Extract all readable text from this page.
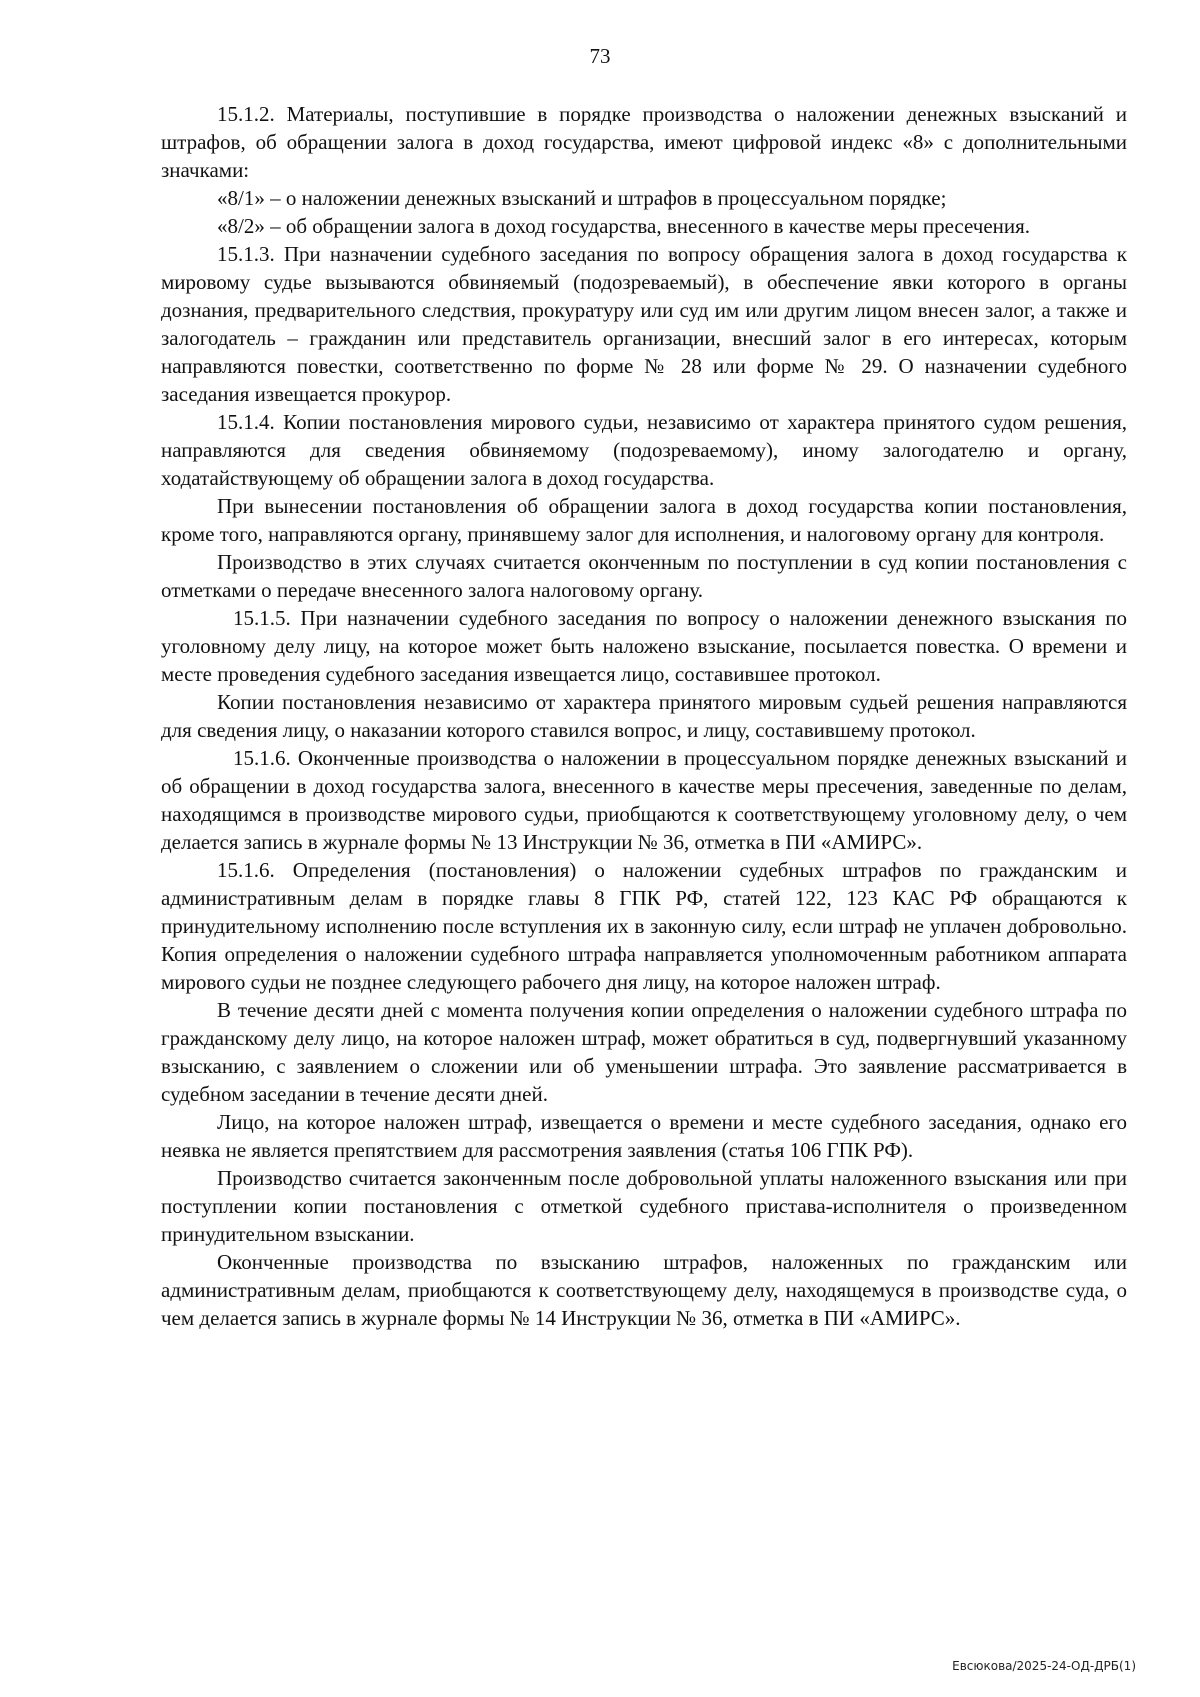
73

15.1.2. Материалы, поступившие в порядке производства о наложении денежных взысканий и штрафов, об обращении залога в доход государства, имеют цифровой индекс «8» с дополнительными значками:

«8/1» – о наложении денежных взысканий и штрафов в процессуальном порядке;

«8/2» – об обращении залога в доход государства, внесенного в качестве меры пресечения.

15.1.3. При назначении судебного заседания по вопросу обращения залога в доход государства к мировому судье вызываются обвиняемый (подозреваемый), в обеспечение явки которого в органы дознания, предварительного следствия, прокуратуру или суд им или другим лицом внесен залог, а также и залогодатель – гражданин или представитель организации, внесший залог в его интересах, которым направляются повестки, соответственно по форме № 28 или форме № 29. О назначении судебного заседания извещается прокурор.

15.1.4. Копии постановления мирового судьи, независимо от характера принятого судом решения, направляются для сведения обвиняемому (подозреваемому), иному залогодателю и органу, ходатайствующему об обращении залога в доход государства.

При вынесении постановления об обращении залога в доход государства копии постановления, кроме того, направляются органу, принявшему залог для исполнения, и налоговому органу для контроля.

Производство в этих случаях считается оконченным по поступлении в суд копии постановления с отметками о передаче внесенного залога налоговому органу.

15.1.5. При назначении судебного заседания по вопросу о наложении денежного взыскания по уголовному делу лицу, на которое может быть наложено взыскание, посылается повестка. О времени и месте проведения судебного заседания извещается лицо, составившее протокол.

Копии постановления независимо от характера принятого мировым судьей решения направляются для сведения лицу, о наказании которого ставился вопрос, и лицу, составившему протокол.

15.1.6. Оконченные производства о наложении в процессуальном порядке денежных взысканий и об обращении в доход государства залога, внесенного в качестве меры пресечения, заведенные по делам, находящимся в производстве мирового судьи, приобщаются к соответствующему уголовному делу, о чем делается запись в журнале формы № 13 Инструкции № 36, отметка в ПИ «АМИРС».

15.1.6. Определения (постановления) о наложении судебных штрафов по гражданским и административным делам в порядке главы 8 ГПК РФ, статей 122, 123 КАС РФ обращаются к принудительному исполнению после вступления их в законную силу, если штраф не уплачен добровольно. Копия определения о наложении судебного штрафа направляется уполномоченным работником аппарата мирового судьи не позднее следующего рабочего дня лицу, на которое наложен штраф.

В течение десяти дней с момента получения копии определения о наложении судебного штрафа по гражданскому делу лицо, на которое наложен штраф, может обратиться в суд, подвергнувший указанному взысканию, с заявлением о сложении или об уменьшении штрафа. Это заявление рассматривается в судебном заседании в течение десяти дней.

Лицо, на которое наложен штраф, извещается о времени и месте судебного заседания, однако его неявка не является препятствием для рассмотрения заявления (статья 106 ГПК РФ).

Производство считается законченным после добровольной уплаты наложенного взыскания или при поступлении копии постановления с отметкой судебного пристава-исполнителя о произведенном принудительном взыскании.

Оконченные производства по взысканию штрафов, наложенных по гражданским или административным делам, приобщаются к соответствующему делу, находящемуся в производстве суда, о чем делается запись в журнале формы № 14 Инструкции № 36, отметка в ПИ «АМИРС».

Евсюкова/2025-24-ОД-ДРБ(1)
